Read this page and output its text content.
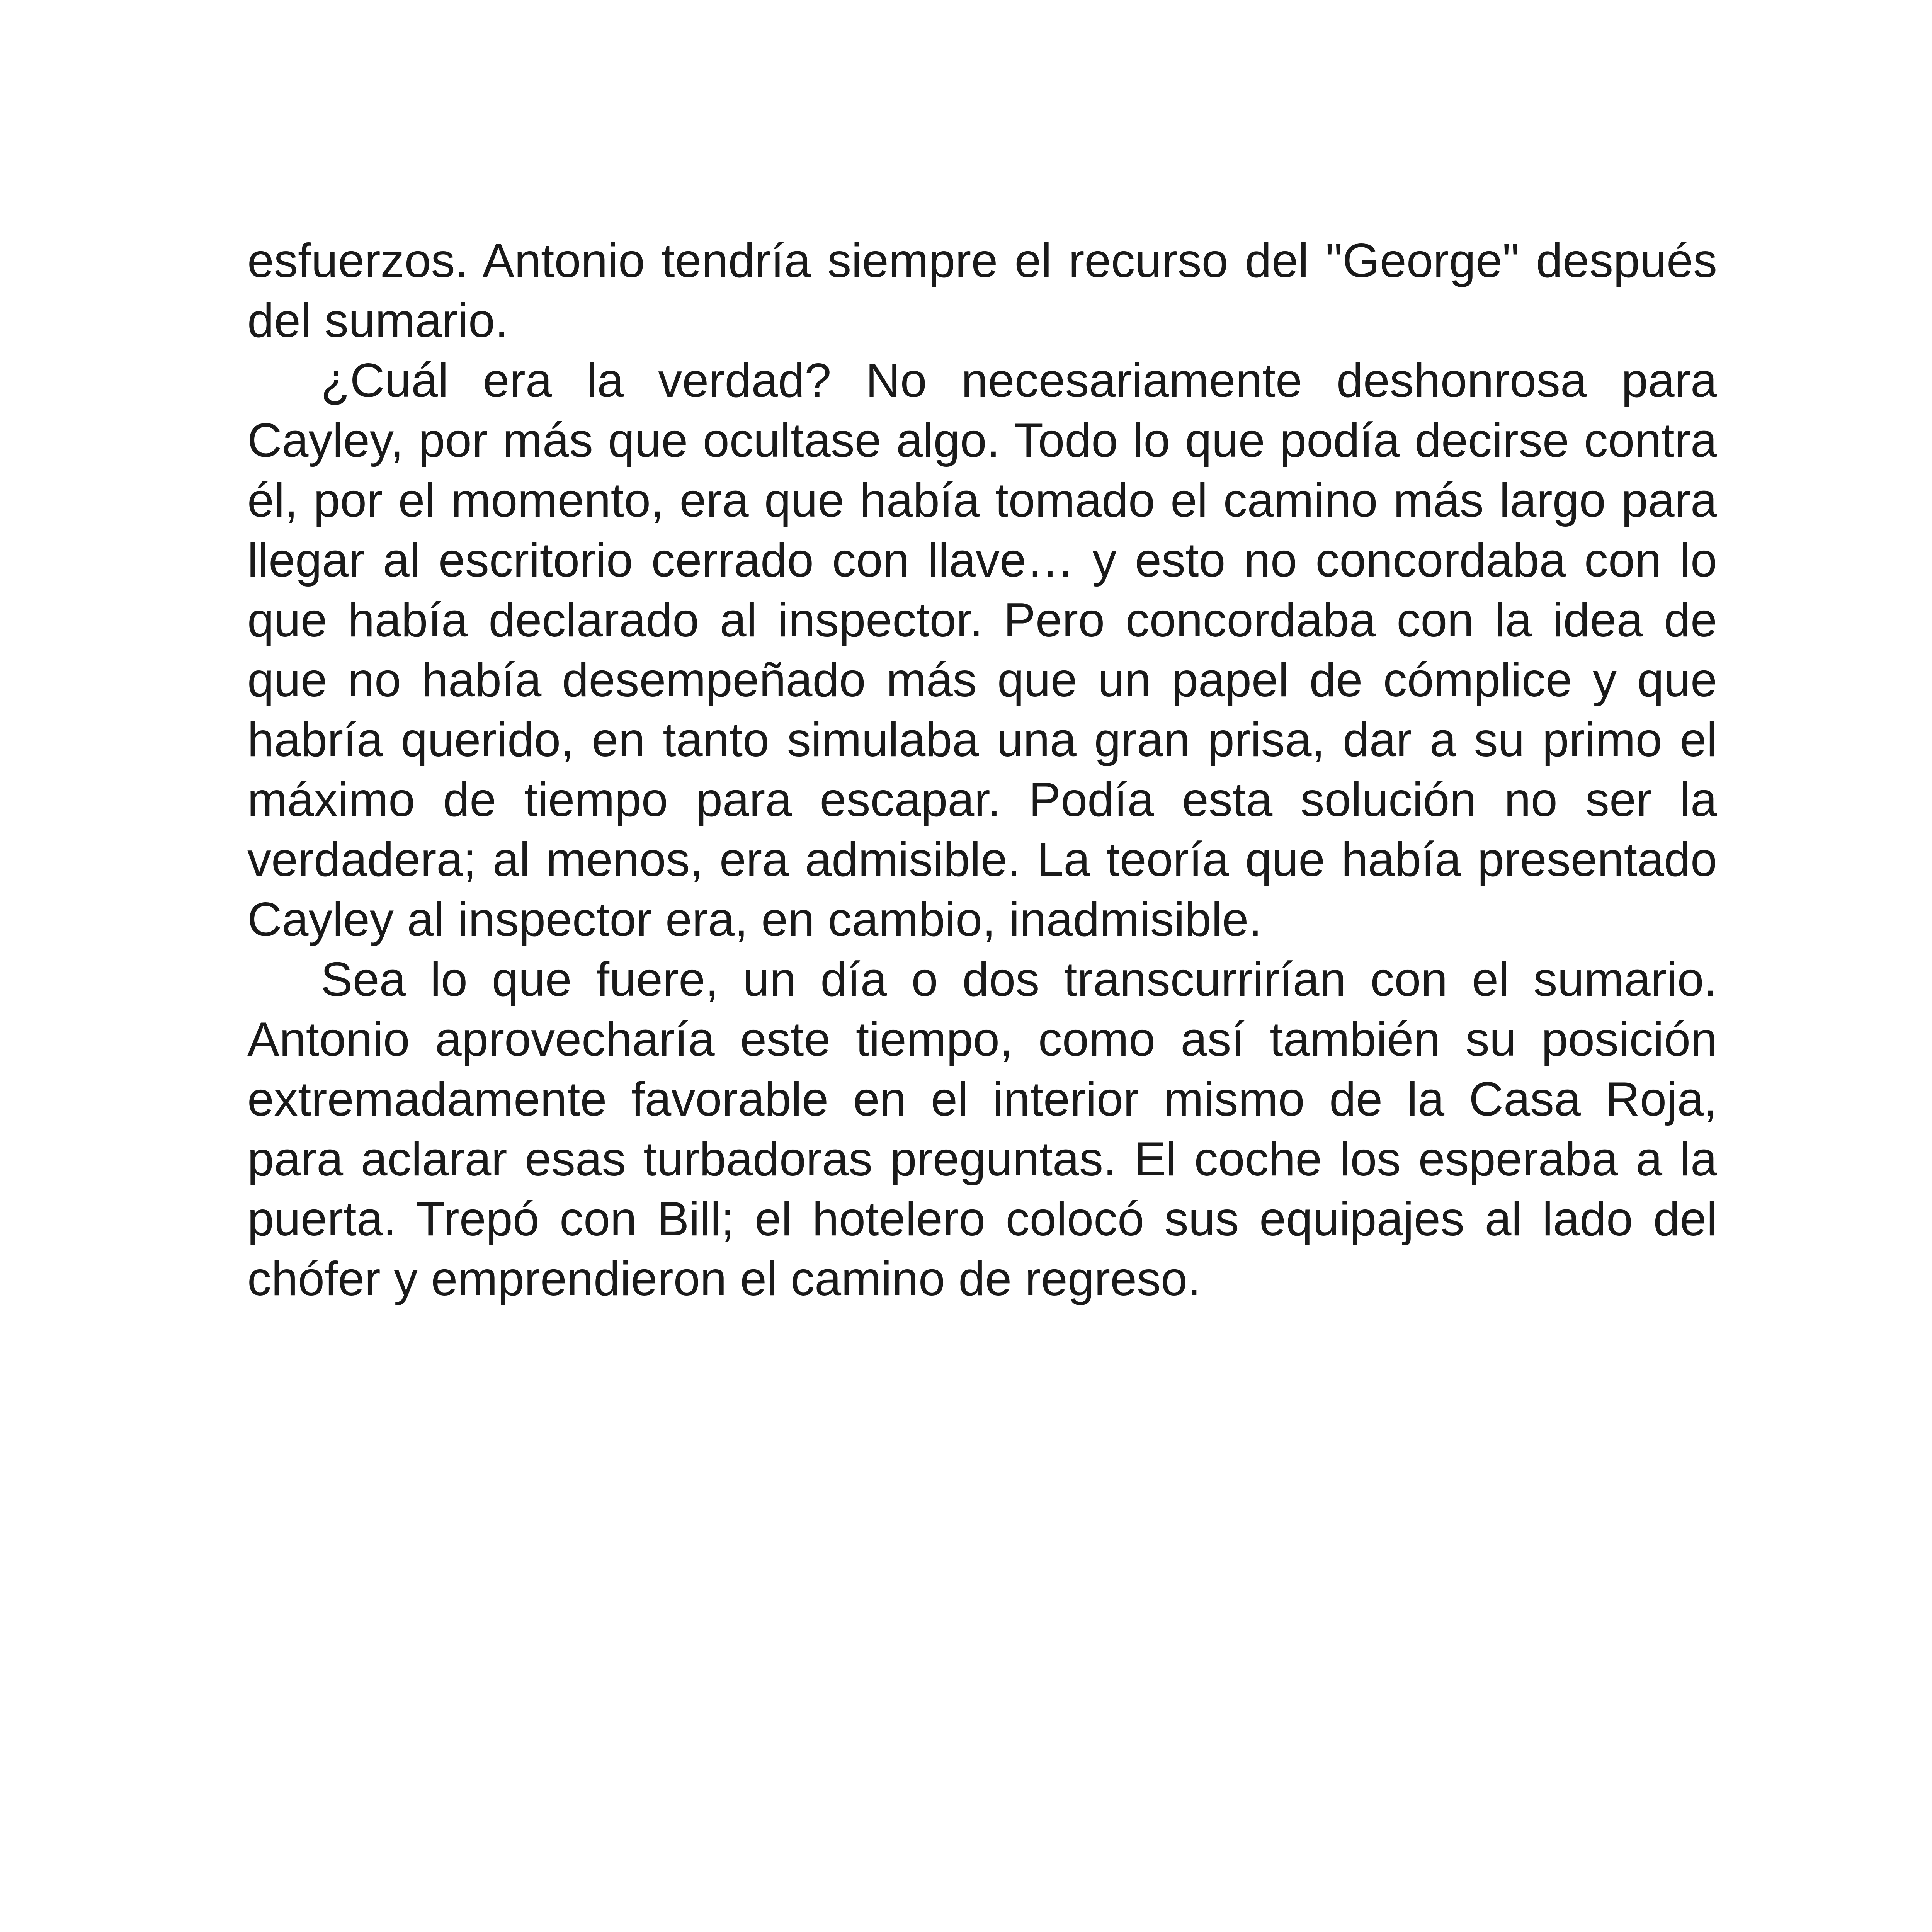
esfuerzos. Antonio tendría siempre el recurso del "George" después del sumario.

¿Cuál era la verdad? No necesariamente deshonrosa para Cayley, por más que ocultase algo. Todo lo que podía decirse contra él, por el momento, era que había tomado el camino más largo para llegar al escritorio cerrado con llave… y esto no concordaba con lo que había declarado al inspector. Pero concordaba con la idea de que no había desempeñado más que un papel de cómplice y que habría querido, en tanto simulaba una gran prisa, dar a su primo el máximo de tiempo para escapar. Podía esta solución no ser la verdadera; al menos, era admisible. La teoría que había presentado Cayley al inspector era, en cambio, inadmisible.

Sea lo que fuere, un día o dos transcurrirían con el sumario. Antonio aprovecharía este tiempo, como así también su posición extremadamente favorable en el interior mismo de la Casa Roja, para aclarar esas turbadoras preguntas. El coche los esperaba a la puerta. Trepó con Bill; el hotelero colocó sus equipajes al lado del chófer y emprendieron el camino de regreso.
